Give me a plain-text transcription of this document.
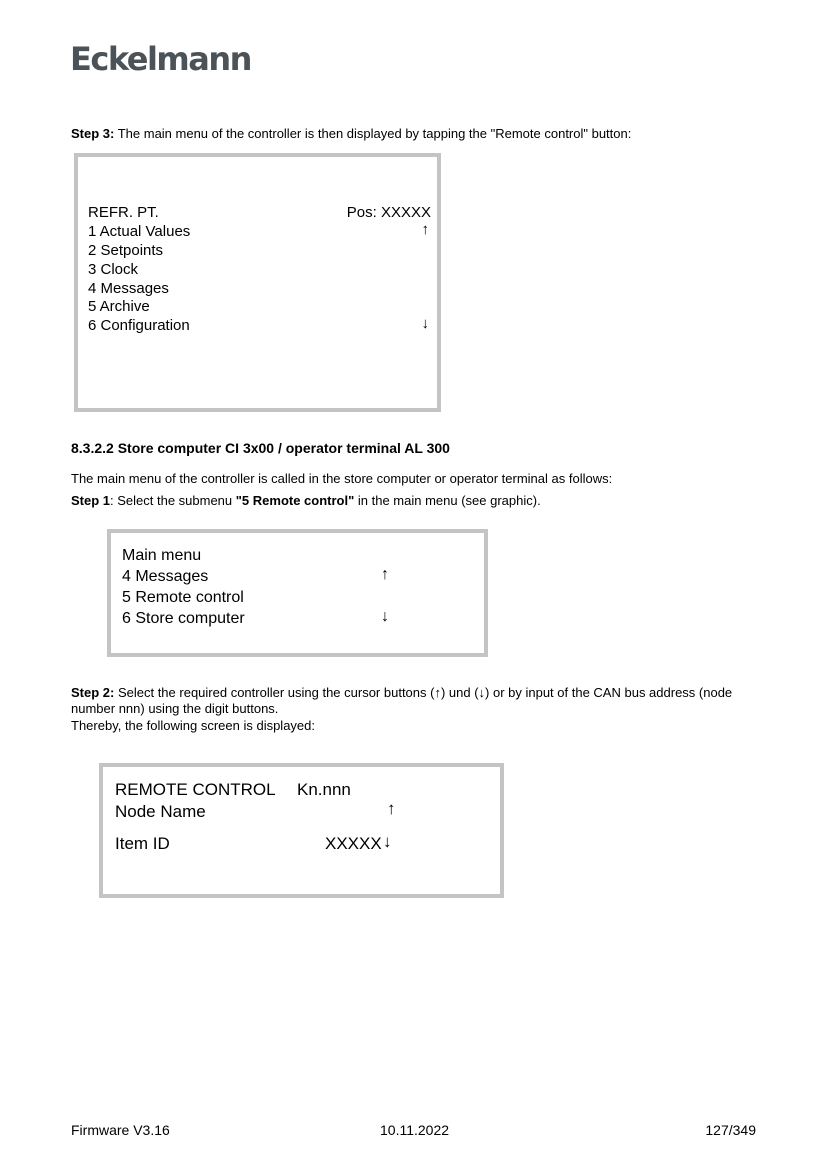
Eckelmann
Step 3: The main menu of the controller is then displayed by tapping the "Remote control" button:
REFR. PT.	Pos: XXXXX
1 Actual Values	↑
2 Setpoints
3 Clock
4 Messages
5 Archive
6 Configuration	↓
8.3.2.2 Store computer CI 3x00 / operator terminal AL 300
The main menu of the controller is called in the store computer or operator terminal as follows:
Step 1: Select the submenu "5 Remote control" in the main menu (see graphic).
Main menu
4 Messages	↑
5 Remote control
6 Store computer	↓
Step 2: Select the required controller using the cursor buttons (↑) und (↓) or by input of the CAN bus address (node number nnn) using the digit buttons.
Thereby, the following screen is displayed:
REMOTE CONTROL Kn.nnn
Node Name	↑
Item ID	XXXXX ↓
Firmware V3.16	10.11.2022	127/349
